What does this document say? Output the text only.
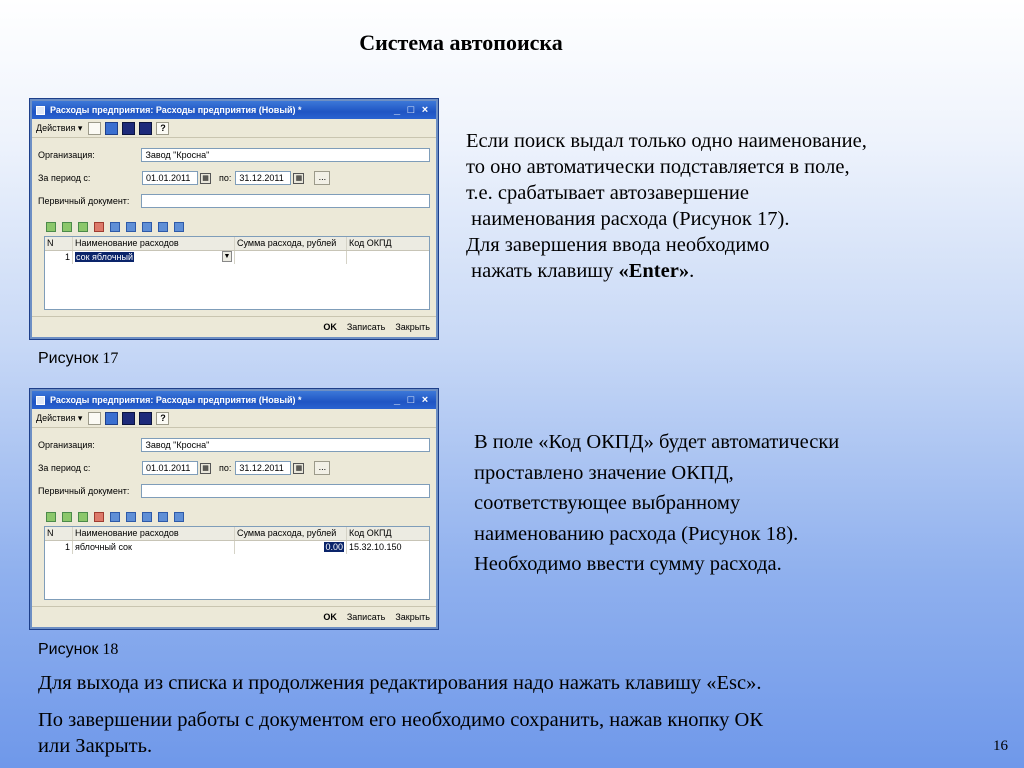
Система автопоиска
Расходы предприятия: Расходы предприятия (Новый) *	_ □ ×
Действия ▾	?
Организация:	Завод "Кросна"
За период с:	01.01.2011	▦ по: 31.12.2011	▦	...
Первичный документ:
N	Наименование расходов	Сумма расхода, рублей	Код ОКПД
1 сок яблочный	▼
OK Записать Закрыть
Рисунок 17
Если поиск выдал только одно наименование,
то оно автоматически подставляется в поле,
т.е. срабатывает автозавершение
наименования расхода (Рисунок 17).
Для завершения ввода необходимо
нажать клавишу «Enter».
Расходы предприятия: Расходы предприятия (Новый) *	_ □ ×
Действия ▾	?
Организация:	Завод "Кросна"
За период с:	01.01.2011	▦ по: 31.12.2011	▦	...
Первичный документ:
N	Наименование расходов	Сумма расхода, рублей	Код ОКПД
1 яблочный сок	0.00 15.32.10.150
OK Записать Закрыть
Рисунок 18
В поле «Код ОКПД» будет автоматически
проставлено значение ОКПД,
соответствующее выбранному
наименованию расхода (Рисунок 18).
Необходимо ввести сумму расхода.
Для выхода из списка и продолжения редактирования надо нажать клавишу «Esc».
По завершении работы с документом его необходимо сохранить, нажав кнопку ОК
или Закрыть.	16
